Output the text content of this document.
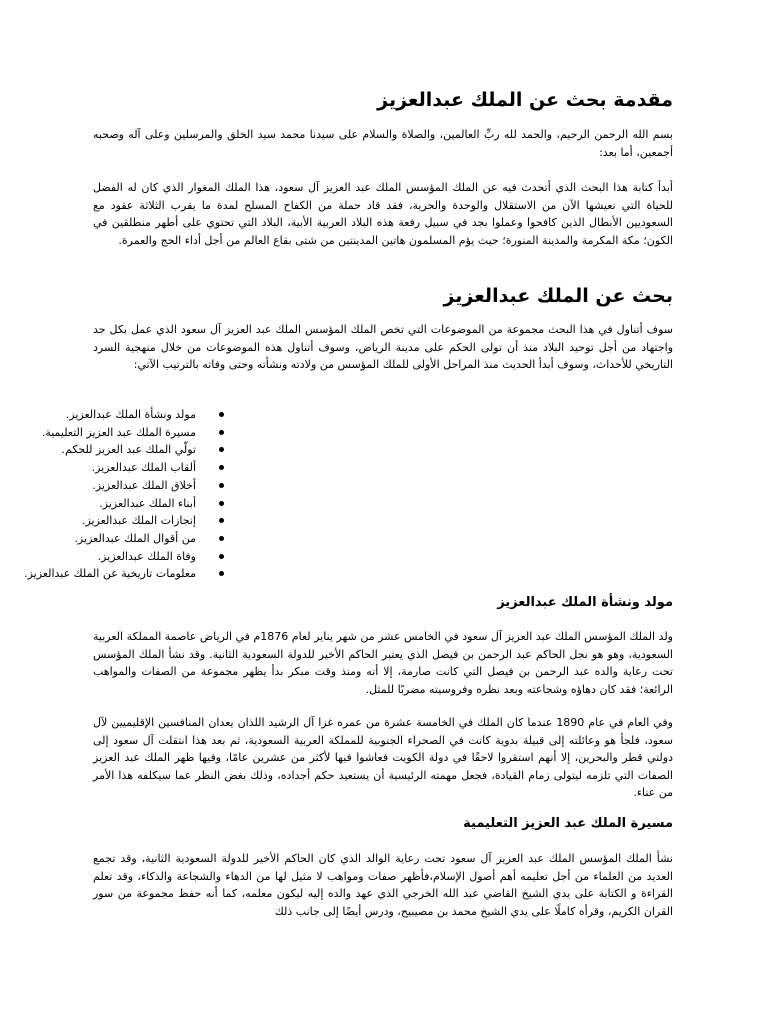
مقدمة بحث عن الملك عبدالعزيز

بسم الله الرحمن الرحيم، والحمد لله ربِّ العالمين، والصلاة والسلام على سيدنا محمد سيد الخلق والمرسلين وعلى آله وصحبه أجمعين، أما بعد:

أبدأ كتابة هذا البحث الذي أتحدث فيه عن الملك المؤسس الملك عبد العزيز آل سعود، هذا الملك المغوار الذي كان له الفضل للحياة التي نعيشها الآن من الاستقلال والوحدة والحرية، فقد قاد حملة من الكفاح المسلح لمدة ما يقرب الثلاثة عقود مع السعوديين الأبطال الذين كافحوا وعملوا بجد في سبيل رفعة هذه البلاد العربية الأبية، البلاد التي تحتوي على أطهر منطلقين في الكون؛ مكة المكرمة والمدينة المنورة؛ حيث يؤم المسلمون هاتين المدينتين من شتى بقاع العالم من أجل أداء الحج والعمرة.

بحث عن الملك عبدالعزيز

سوف أتناول في هذا البحث مجموعة من الموضوعات التي تخص الملك المؤسس الملك عبد العزيز آل سعود الذي عمل بكل جد واجتهاد من أجل توحيد البلاد منذ أن تولى الحكم على مدينة الرياض، وسوف أتناول هذه الموضوعات من خلال منهجية السرد التاريخي للأحداث، وسوف أبدأ الحديث منذ المراحل الأولى للملك المؤسس من ولادته ونشأته وحتى وفاته بالترتيب الآتي:

مولد ونشأة الملك عبدالعزيز.
مسيرة الملك عبد العزيز التعليمية.
تولّي الملك عبد العزيز للحكم.
ألقاب الملك عبدالعزيز.
أخلاق الملك عبدالعزيز.
أبناء الملك عبدالعزيز.
إنجازات الملك عبدالعزيز.
من أقوال الملك عبدالعزيز.
وفاة الملك عبدالعزيز.
معلومات تاريخية عن الملك عبدالعزيز.
مولد ونشأة الملك عبدالعزيز

ولد الملك المؤسس الملك عبد العزيز آل سعود في الخامس عشر من شهر يناير لعام 1876م في الرياض عاصمة المملكة العربية السعودية، وهو هو نجل الحاكم عبد الرحمن بن فيصل الذي يعتبر الحاكم الأخير للدولة السعودية الثانية. وقد نشأ الملك المؤسس تحت رعاية والده عبد الرحمن بن فيصل التي كانت صارمة، إلا أنه ومنذ وقت مبكر بدأ يظهر مجموعة من الصفات والمواهب الرائعة؛ فقد كان دهاؤه وشجاعته وبعد نظره وفروسيته مضربًا للمثل.

وفي العام في عام 1890 عندما كان الملك في الخامسة عشرة من عمره غزا آل الرشيد اللذان يعدان المنافسين الإقليميين لآل سعود، فلجأ هو وعائلته إلى قبيلة بدوية كانت في الصحراء الجنوبية للمملكة العربية السعودية، ثم بعد هذا انتقلت آل سعود إلى دولتي قطر والبحرين، إلا أنهم استقروا لاحقًا في دولة الكويت فعاشوا فيها لأكثر من عشرين عامًا، وفيها ظهر الملك عبد العزيز الصفات التي تلزمه ليتولى زمام القيادة، فجعل مهمته الرئيسية أن يستعيد حكم أجداده، وذلك بغض النظر عما سيكلفه هذا الأمر من عناء.

مسيرة الملك عبد العزيز التعليمية

نشأ الملك المؤسس الملك عبد العزيز آل سعود تحت رعاية الوالد الذي كان الحاكم الأخير للدولة السعودية الثانية، وقد تجمع العديد من العلماء من أجل تعليمه أهم أصول الإسلام،فأظهر صفات ومواهب لا مثيل لها من الدهاء والشجاعة والذكاء، وقد تعلم القراءة و الكتابة على يدي الشيخ القاضي عبد الله الخرجي الذي عهد والده إليه ليكون معلمه، كما أنه حفظ مجموعة من سور القران الكريم، وقرأه كاملًا على يدي الشيخ محمد بن مصيبيح، ودرس أيضًا إلى جانب ذلك
